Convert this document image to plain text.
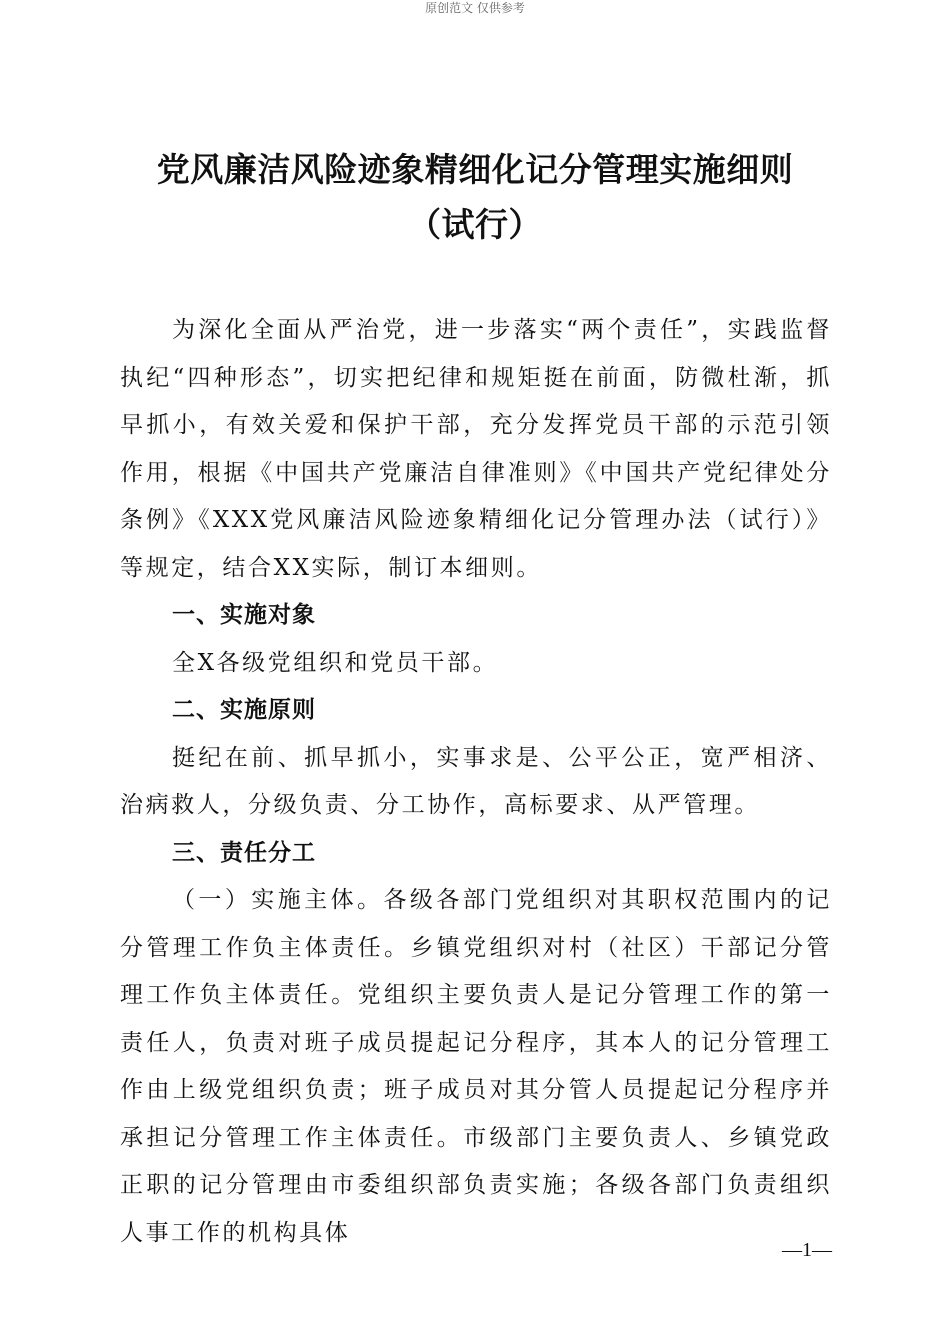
原创范文 仅供参考
党风廉洁风险迹象精细化记分管理实施细则
（试行）

为深化全面从严治党，进一步落实“两个责任”，实践监督执纪“四种形态”，切实把纪律和规矩挺在前面，防微杜渐，抓早抓小，有效关爱和保护干部，充分发挥党员干部的示范引领作用，根据《中国共产党廉洁自律准则》《中国共产党纪律处分条例》《XXX党风廉洁风险迹象精细化记分管理办法（试行）》等规定，结合XX实际，制订本细则。

一、实施对象

全X各级党组织和党员干部。

二、实施原则

挺纪在前、抓早抓小，实事求是、公平公正，宽严相济、治病救人，分级负责、分工协作，高标要求、从严管理。

三、责任分工

（一）实施主体。各级各部门党组织对其职权范围内的记分管理工作负主体责任。乡镇党组织对村（社区）干部记分管理工作负主体责任。党组织主要负责人是记分管理工作的第一责任人，负责对班子成员提起记分程序，其本人的记分管理工作由上级党组织负责；班子成员对其分管人员提起记分程序并承担记分管理工作主体责任。市级部门主要负责人、乡镇党政正职的记分管理由市委组织部负责实施；各级各部门负责组织人事工作的机构具体

—1—
